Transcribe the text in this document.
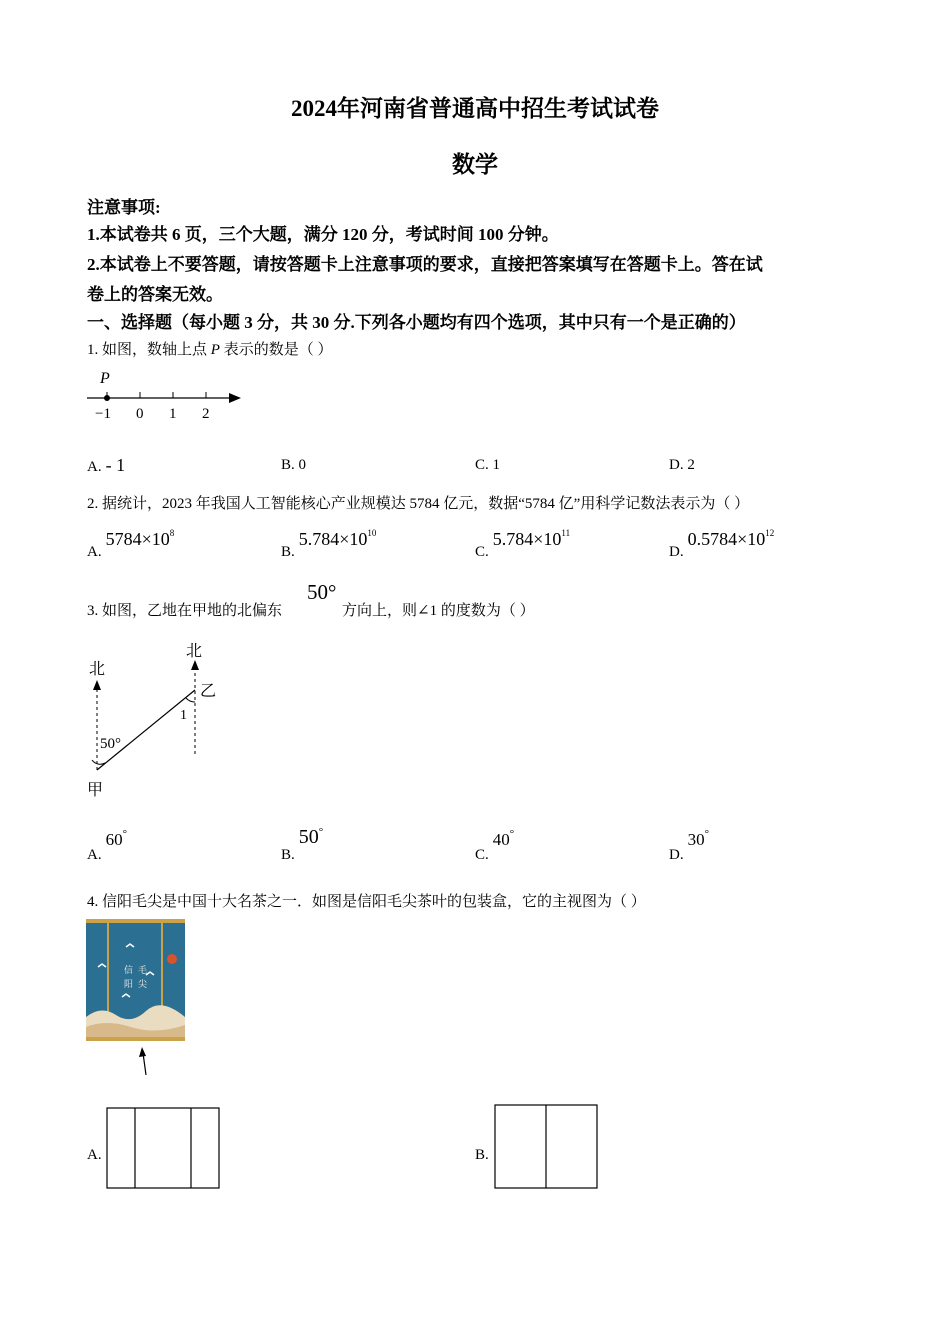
2024年河南省普通高中招生考试试卷
数学
注意事项:
1.本试卷共 6 页，三个大题，满分 120 分，考试时间 100 分钟。
2.本试卷上不要答题，请按答题卡上注意事项的要求，直接把答案填写在答题卡上。答在试
卷上的答案无效。
一、选择题（每小题 3 分，共 30 分.下列各小题均有四个选项，其中只有一个是正确的）
1. 如图，数轴上点 P 表示的数是（ ）
P
−1 0 1 2
A. - 1	B. 0	C. 1	D. 2
2. 据统计，2023 年我国人工智能核心产业规模达 5784 亿元，数据“5784 亿”用科学记数法表示为（ ）
$A.5784\times 10^8$
$B.5.784\times 10^{10}$
$C.5.784\times 10^{11}$
$D.0.5784\times 10^{12}$
3. 如图，乙地在甲地的北偏东
50°
方向上，则∠1 的度数为（ ）
北
北
50°
1
乙
甲
A.60°
B.50°
C.40°
D.30°
4. 信阳毛尖是中国十大名茶之一．如图是信阳毛尖茶叶的包装盒，它的主视图为（ ）
信
阳
毛
尖
A.	B.
